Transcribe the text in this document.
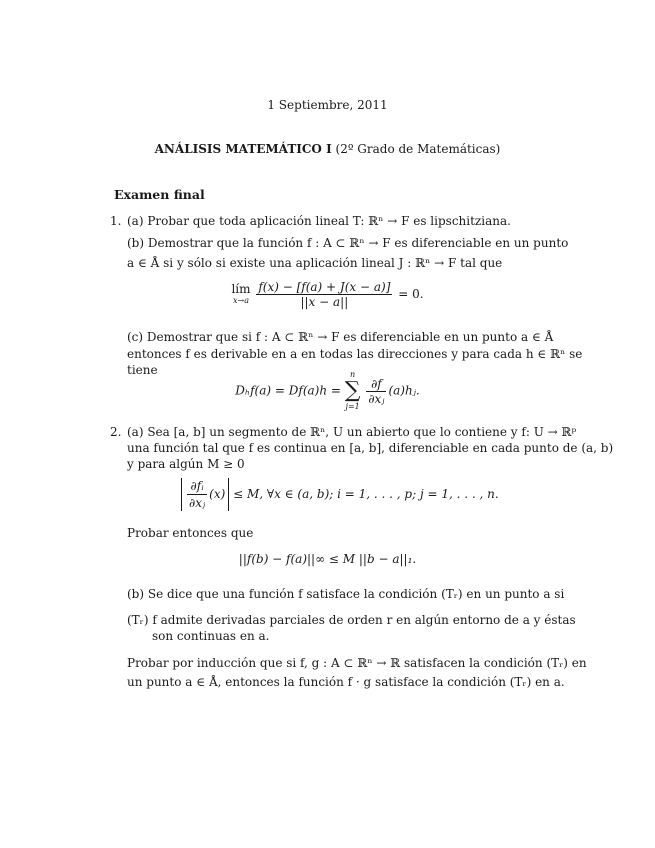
1 Septiembre, 2011
ANÁLISIS MATEMÁTICO I (2º Grado de Matemáticas)
Examen final
1. (a) Probar que toda aplicación lineal T: ℝⁿ → F es lipschitziana.
(b) Demostrar que la función f : A ⊂ ℝⁿ → F es diferenciable en un punto
a ∈ Å si y sólo si existe una aplicación lineal J : ℝⁿ → F tal que
lím
x→a
$\frac{f(x) - [f(a) + J(x - a)]}{||x - a||} = 0$.
(c) Demostrar que si f : A ⊂ ℝⁿ → F es diferenciable en un punto a ∈ Å
entonces f es derivable en a en todas las direcciones y para cada h ∈ ℝⁿ se
tiene
Dₕf(a) = Df(a)h =
n
∑
j=1

$\frac{\partial f}{\text{∂xⱼ}}$ (a)hⱼ.
2. (a) Sea [a, b] un segmento de ℝⁿ, U un abierto que lo contiene y f: U → ℝᵖ
una función tal que f es continua en [a, b], diferenciable en cada punto de (a, b)
y para algún M ≥ 0
$\frac{\text{∂fᵢ}}{\text{∂xⱼ}} (x) \le M$, ∀x ∈ (a, b); i = 1, . . . , p; j = 1, . . . , n.
Probar entonces que
||f(b) − f(a)||∞ ≤ M ||b − a||₁.
(b) Se dice que una función f satisface la condición (Tᵣ) en un punto a si
(Tᵣ) f admite derivadas parciales de orden r en algún entorno de a y éstas
son continuas en a.
Probar por inducción que si f, g : A ⊂ ℝⁿ → ℝ satisfacen la condición (Tᵣ) en
un punto a ∈ Å, entonces la función f · g satisface la condición (Tᵣ) en a.
